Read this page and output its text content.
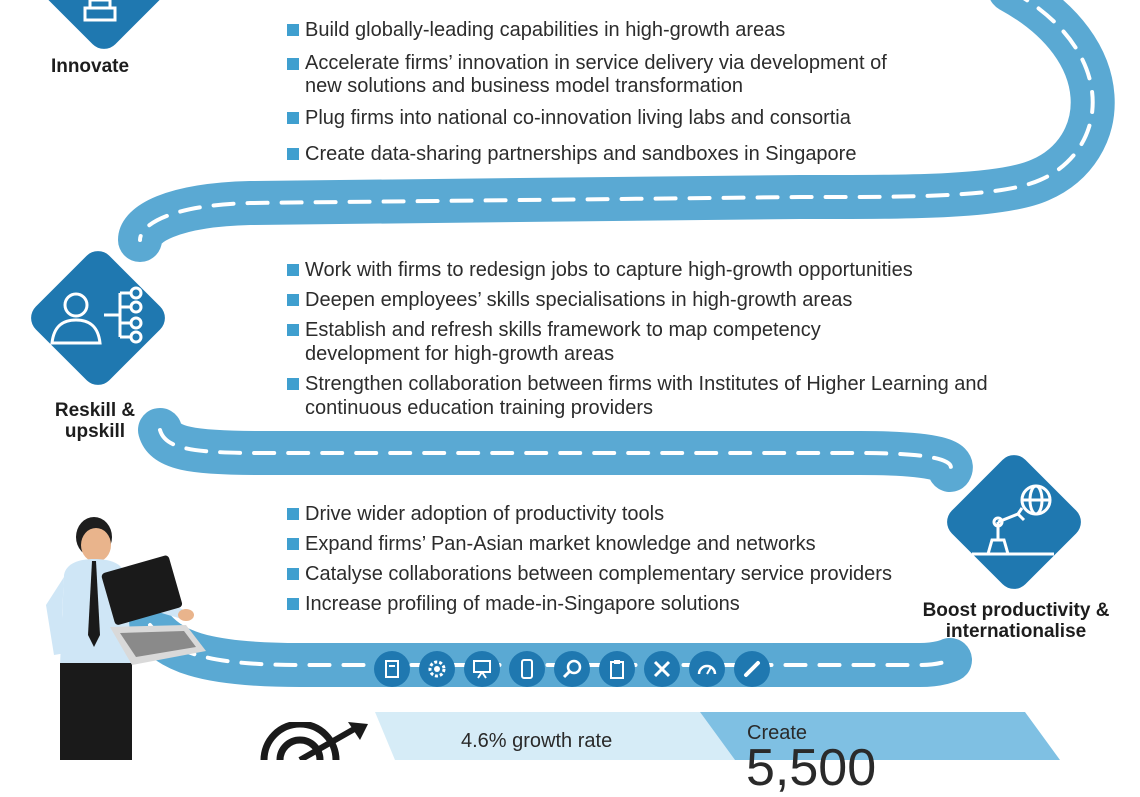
Innovate
Build globally-leading capabilities in high-growth areas
Accelerate firms’ innovation in service delivery via development of new solutions and business model transformation
Plug firms into national co-innovation living labs and consortia
Create data-sharing partnerships and sandboxes in Singapore
Reskill & upskill
Work with firms to redesign jobs to capture high-growth opportunities
Deepen employees’ skills specialisations in high-growth areas
Establish and refresh skills framework to map competency development for high-growth areas
Strengthen collaboration between firms with Institutes of Higher Learning and continuous education training providers
Boost productivity & internationalise
Drive wider adoption of productivity tools
Expand firms’ Pan-Asian market knowledge and networks
Catalyse collaborations between complementary service providers
Increase profiling of made-in-Singapore solutions
4.6% growth rate	Create
5,500
